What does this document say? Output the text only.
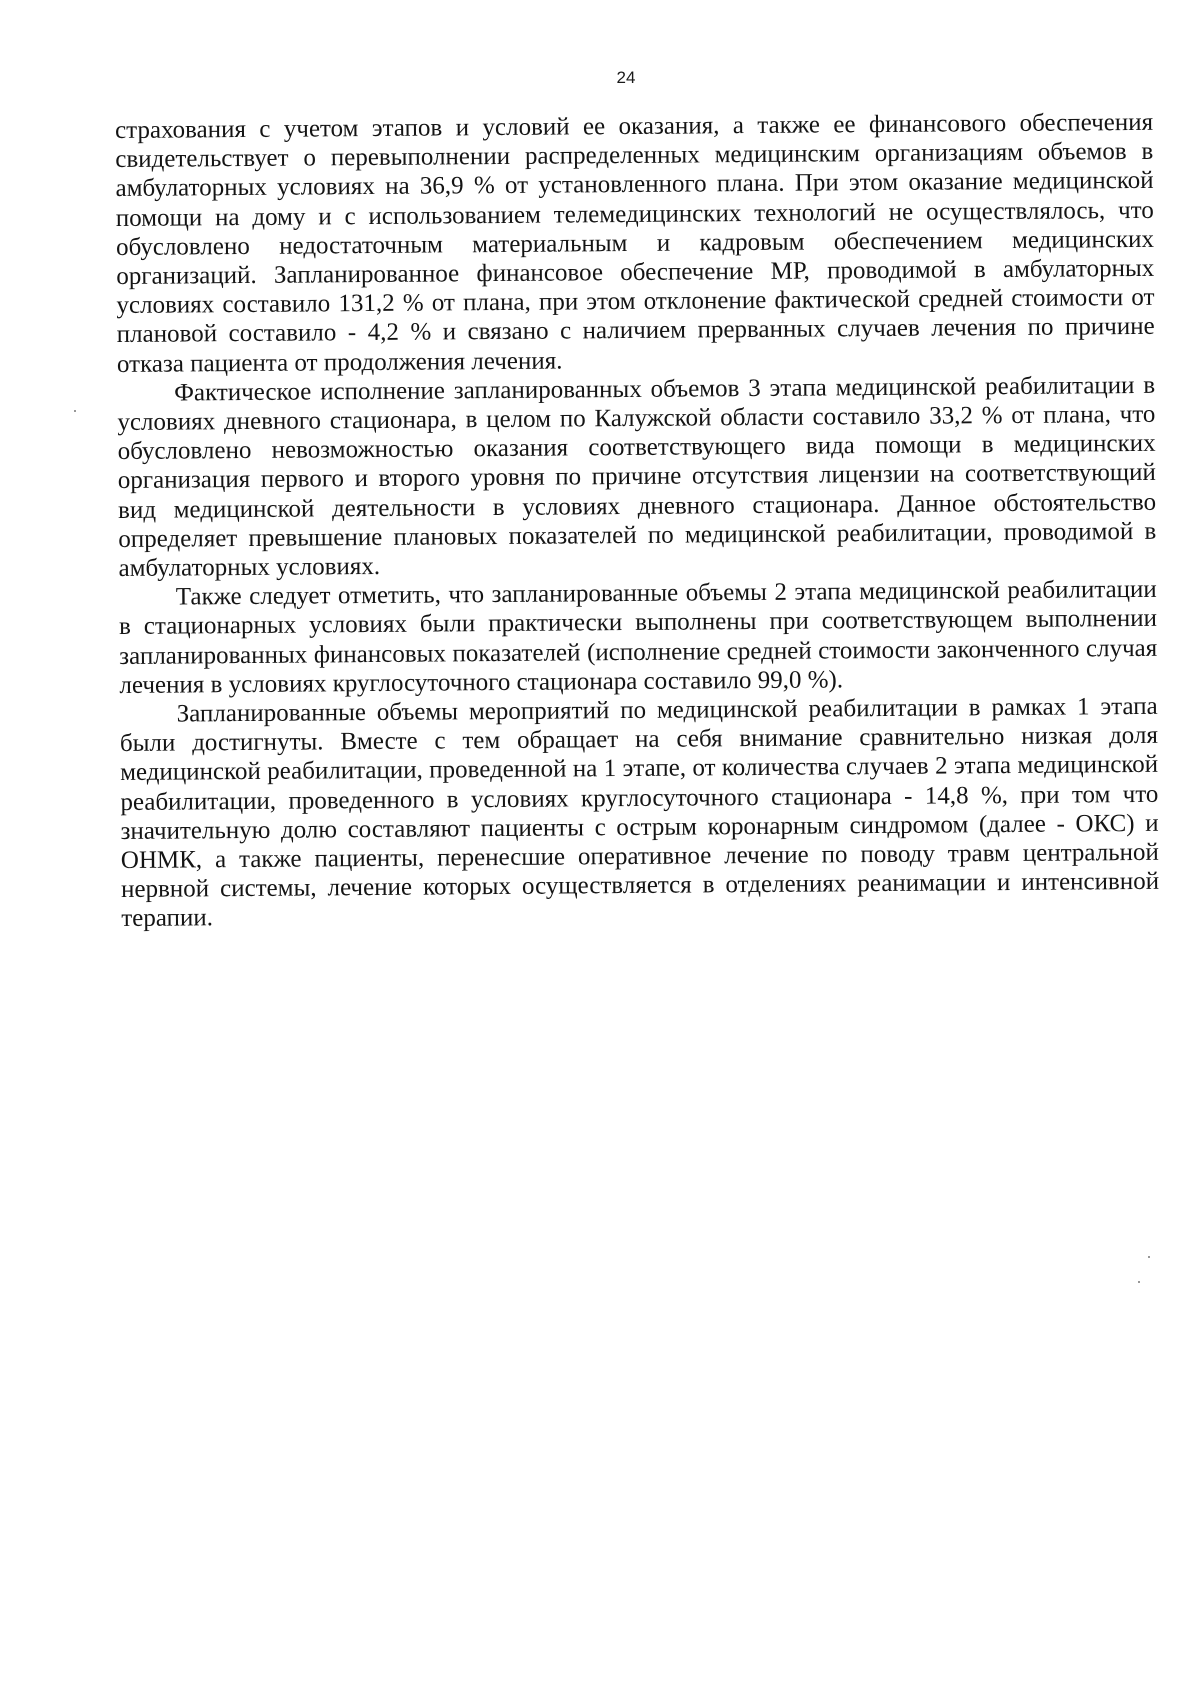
24

страхования с учетом этапов и условий ее оказания, а также ее финансового обеспечения свидетельствует о перевыполнении распределенных медицинским организациям объемов в амбулаторных условиях на 36,9 % от установленного плана. При этом оказание медицинской помощи на дому и с использованием телемедицинских технологий не осуществлялось, что обусловлено недостаточным материальным и кадровым обеспечением медицинских организаций. Запланированное финансовое обеспечение МР, проводимой в амбулаторных условиях составило 131,2 % от плана, при этом отклонение фактической средней стоимости от плановой составило - 4,2 % и связано с наличием прерванных случаев лечения по причине отказа пациента от продолжения лечения.

Фактическое исполнение запланированных объемов 3 этапа медицинской реабилитации в условиях дневного стационара, в целом по Калужской области составило 33,2 % от плана, что обусловлено невозможностью оказания соответствующего вида помощи в медицинских организация первого и второго уровня по причине отсутствия лицензии на соответствующий вид медицинской деятельности в условиях дневного стационара. Данное обстоятельство определяет превышение плановых показателей по медицинской реабилитации, проводимой в амбулаторных условиях.

Также следует отметить, что запланированные объемы 2 этапа медицинской реабилитации в стационарных условиях были практически выполнены при соответствующем выполнении запланированных финансовых показателей (исполнение средней стоимости законченного случая лечения в условиях круглосуточного стационара составило 99,0 %).

Запланированные объемы мероприятий по медицинской реабилитации в рамках 1 этапа были достигнуты. Вместе с тем обращает на себя внимание сравнительно низкая доля медицинской реабилитации, проведенной на 1 этапе, от количества случаев 2 этапа медицинской реабилитации, проведенного в условиях круглосуточного стационара - 14,8 %, при том что значительную долю составляют пациенты с острым коронарным синдромом (далее - ОКС) и ОНМК, а также пациенты, перенесшие оперативное лечение по поводу травм центральной нервной системы, лечение которых осуществляется в отделениях реанимации и интенсивной терапии.
